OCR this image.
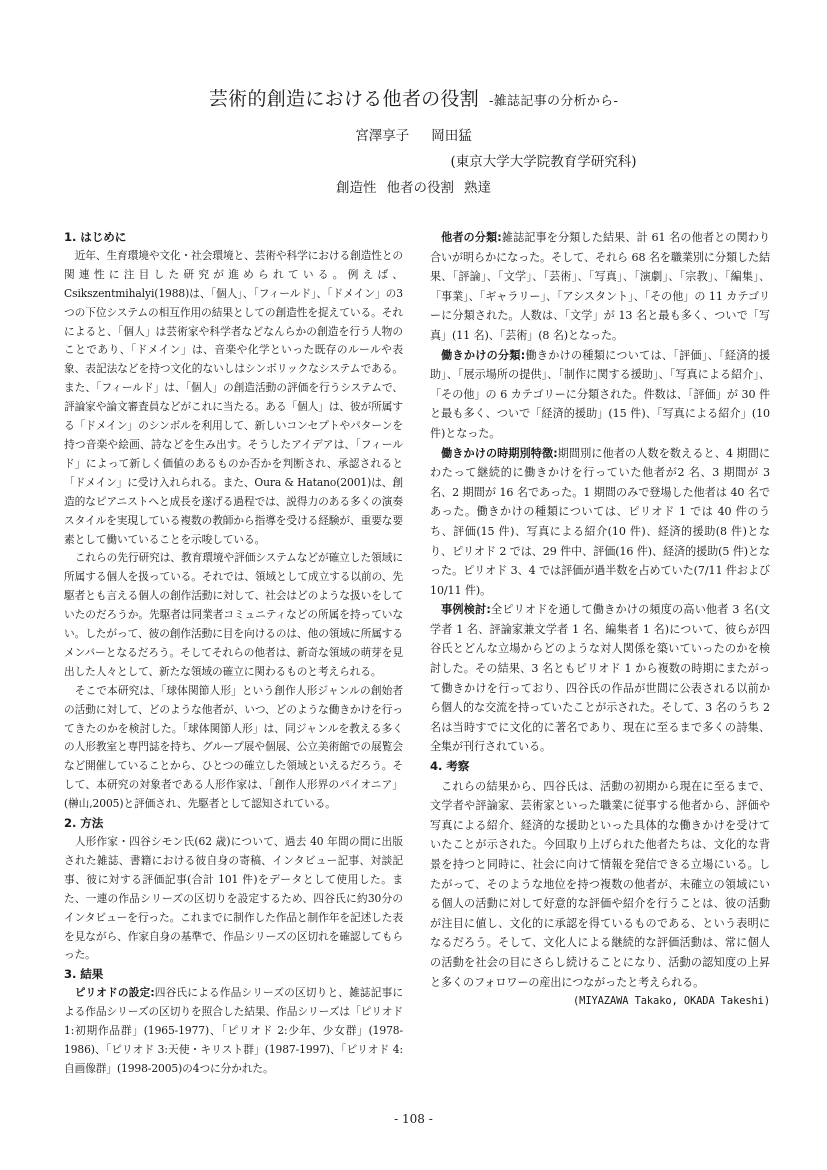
芸術的創造における他者の役割 ‐雑誌記事の分析から‐
宮澤享子 岡田猛
(東京大学大学院教育学研究科)
創造性 他者の役割 熟達
1. はじめに

近年、生育環境や文化・社会環境と、芸術や科学における創造性との関連性に注目した研究が進められている。例えば、Csikszentmihalyi(1988)は、「個人」、「フィールド」、「ドメイン」の3 つの下位システムの相互作用の結果としての創造性を捉えている。それによると、「個人」は芸術家や科学者などなんらかの創造を行う人物のことであり、「ドメイン」は、音楽や化学といった既存のルールや表象、表記法などを持つ文化的ないしはシンボリックなシステムである。また、「フィールド」は、「個人」の創造活動の評価を行うシステムで、評論家や論文審査員などがこれに当たる。ある「個人」は、彼が所属する「ドメイン」のシンボルを利用して、新しいコンセプトやパターンを持つ音楽や絵画、詩などを生み出す。そうしたアイデアは、「フィールド」によって新しく価値のあるものか否かを判断され、承認されると「ドメイン」に受け入れられる。また、Oura & Hatano(2001)は、創造的なピアニストへと成長を遂げる過程では、説得力のある多くの演奏スタイルを実現している複数の教師から指導を受ける経験が、重要な要素として働いていることを示唆している。

これらの先行研究は、教育環境や評価システムなどが確立した領域に所属する個人を扱っている。それでは、領域として成立する以前の、先駆者とも言える個人の創作活動に対して、社会はどのような扱いをしていたのだろうか。先駆者は同業者コミュニティなどの所属を持っていない。したがって、彼の創作活動に目を向けるのは、他の領域に所属するメンバーとなるだろう。そしてそれらの他者は、新奇な領域の萌芽を見出した人々として、新たな領域の確立に関わるものと考えられる。

そこで本研究は、「球体関節人形」という創作人形ジャンルの創始者の活動に対して、どのような他者が、いつ、どのような働きかけを行ってきたのかを検討した。「球体関節人形」は、同ジャンルを教える多くの人形教室と専門誌を持ち、グループ展や個展、公立美術館での展覧会など開催していることから、ひとつの確立した領域といえるだろう。そして、本研究の対象者である人形作家は、「創作人形界のパイオニア」(榊山,2005)と評価され、先駆者として認知されている。

2. 方法

人形作家・四谷シモン氏(62 歳)について、過去 40 年間の間に出版された雑誌、書籍における彼自身の寄稿、インタビュー記事、対談記事、彼に対する評価記事(合計 101 件)をデータとして使用した。また、一連の作品シリーズの区切りを設定するため、四谷氏に約30分のインタビューを行った。これまでに制作した作品と制作年を記述した表を見ながら、作家自身の基準で、作品シリーズの区切れを確認してもらった。

3. 結果

ピリオドの設定:四谷氏による作品シリーズの区切りと、雑誌記事による作品シリーズの区切りを照合した結果、作品シリーズは「ピリオド 1:初期作品群」(1965‐1977)、「ピリオド 2:少年、少女群」(1978‐1986)、「ピリオド 3:天使・キリスト群」(1987‐1997)、「ピリオド 4:自画像群」(1998‐2005)の4つに分かれた。

他者の分類:雑誌記事を分類した結果、計 61 名の他者との関わり合いが明らかになった。そして、それら 68 名を職業別に分類した結果、「評論」、「文学」、「芸術」、「写真」、「演劇」、「宗教」、「編集」、「事業」、「ギャラリー」、「アシスタント」、「その他」の 11 カテゴリーに分類された。人数は、「文学」が 13 名と最も多く、ついで「写真」(11 名)、「芸術」(8 名)となった。

働きかけの分類:働きかけの種類については、「評価」、「経済的援助」、「展示場所の提供」、「制作に関する援助」、「写真による紹介」、「その他」の 6 カテゴリーに分類された。件数は、「評価」が 30 件と最も多く、ついで「経済的援助」(15 件)、「写真による紹介」(10 件)となった。

働きかけの時期別特徴:期間別に他者の人数を数えると、4 期間にわたって継続的に働きかけを行っていた他者が2 名、3 期間が 3 名、2 期間が 16 名であった。1 期間のみで登場した他者は 40 名であった。働きかけの種類については、ピリオド 1 では 40 件のうち、評価(15 件)、写真による紹介(10 件)、経済的援助(8 件)となり、ピリオド 2 では、29 件中、評価(16 件)、経済的援助(5 件)となった。ピリオド 3、4 では評価が過半数を占めていた(7/11 件および 10/11 件)。

事例検討:全ピリオドを通して働きかけの頻度の高い他者 3 名(文学者 1 名、評論家兼文学者 1 名、編集者 1 名)について、彼らが四谷氏とどんな立場からどのような対人関係を築いていったのかを検討した。その結果、3 名ともピリオド 1 から複数の時期にまたがって働きかけを行っており、四谷氏の作品が世間に公表される以前から個人的な交流を持っていたことが示された。そして、3 名のうち 2 名は当時すでに文化的に著名であり、現在に至るまで多くの詩集、全集が刊行されている。

4. 考察

これらの結果から、四谷氏は、活動の初期から現在に至るまで、文学者や評論家、芸術家といった職業に従事する他者から、評価や写真による紹介、経済的な援助といった具体的な働きかけを受けていたことが示された。今回取り上げられた他者たちは、文化的な背景を持つと同時に、社会に向けて情報を発信できる立場にいる。したがって、そのような地位を持つ複数の他者が、未確立の領域にいる個人の活動に対して好意的な評価や紹介を行うことは、彼の活動が注目に値し、文化的に承認を得ているものである、という表明になるだろう。そして、文化人による継続的な評価活動は、常に個人の活動を社会の目にさらし続けることになり、活動の認知度の上昇と多くのフォロワーの産出につながったと考えられる。

(MIYAZAWA Takako, OKADA Takeshi)

- 108 -
